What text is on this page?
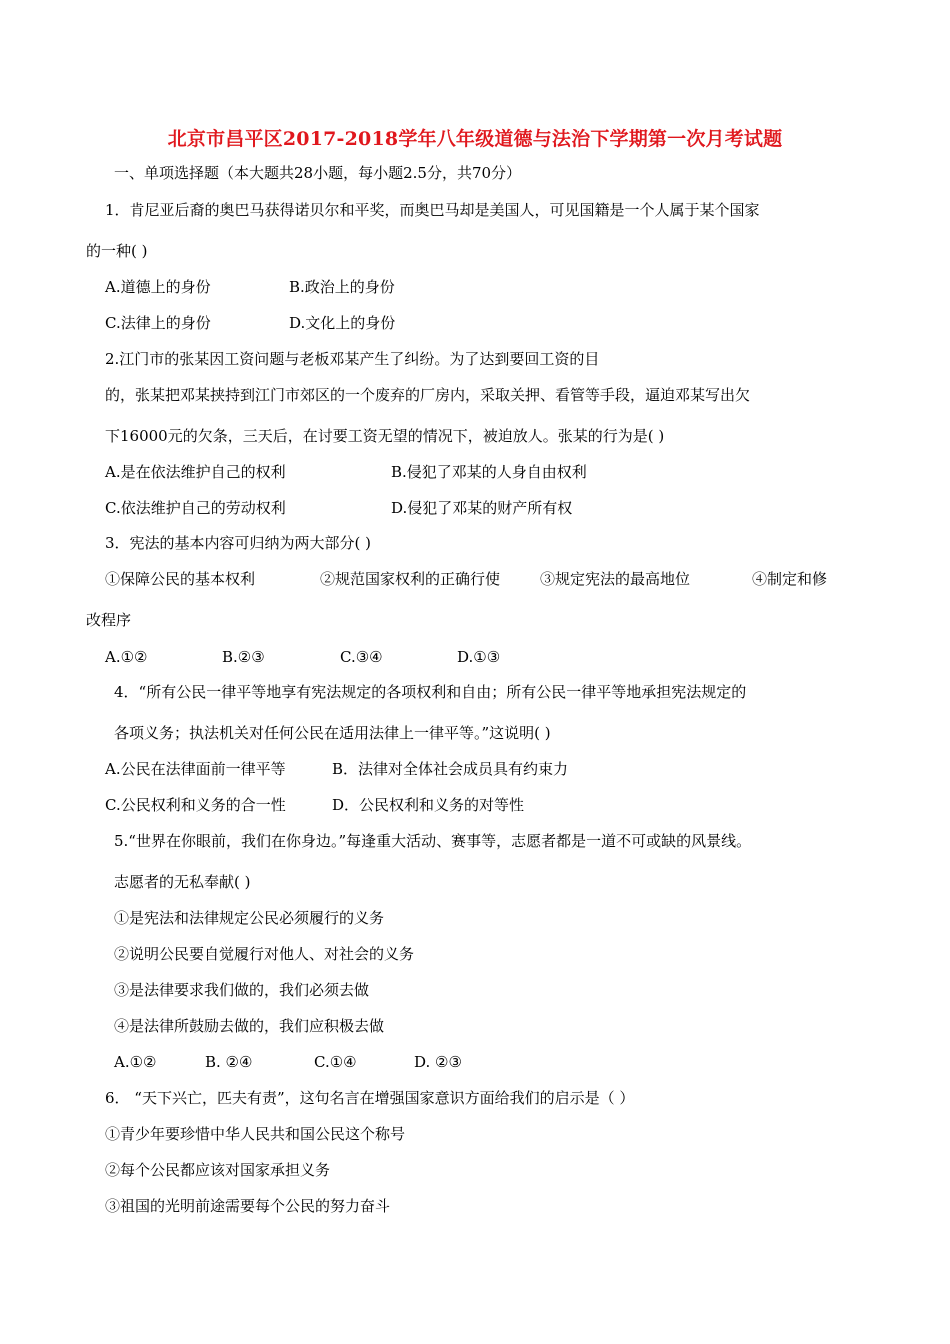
北京市昌平区2017-2018学年八年级道德与法治下学期第一次月考试题
一、单项选择题（本大题共28小题，每小题2.5分，共70分）
1．肯尼亚后裔的奥巴马获得诺贝尔和平奖，而奥巴马却是美国人，可见国籍是一个人属于某个国家
的一种( )
A.道德上的身份	B.政治上的身份
C.法律上的身份	D.文化上的身份
2.江门市的张某因工资问题与老板邓某产生了纠纷。为了达到要回工资的目
的，张某把邓某挟持到江门市郊区的一个废弃的厂房内，采取关押、看管等手段，逼迫邓某写出欠
下16000元的欠条，三天后，在讨要工资无望的情况下，被迫放人。张某的行为是( )
A.是在依法维护自己的权利	B.侵犯了邓某的人身自由权利
C.依法维护自己的劳动权利	D.侵犯了邓某的财产所有权
3．宪法的基本内容可归纳为两大部分( )
①保障公民的基本权利	②规范国家权利的正确行使	③规定宪法的最高地位	④制定和修
改程序
A.①②	B.②③	C.③④	D.①③
4．“所有公民一律平等地享有宪法规定的各项权利和自由；所有公民一律平等地承担宪法规定的
各项义务；执法机关对任何公民在适用法律上一律平等。”这说明( )
A.公民在法律面前一律平等	B．法律对全体社会成员具有约束力
C.公民权利和义务的合一性	D．公民权利和义务的对等性
5.“世界在你眼前，我们在你身边。”每逢重大活动、赛事等，志愿者都是一道不可或缺的风景线。
志愿者的无私奉献( )
①是宪法和法律规定公民必须履行的义务
②说明公民要自觉履行对他人、对社会的义务
③是法律要求我们做的，我们必须去做
④是法律所鼓励去做的，我们应积极去做
A.①②	B. ②④	C.①④	D. ②③
6． “天下兴亡，匹夫有责”，这句名言在增强国家意识方面给我们的启示是（ ）
①青少年要珍惜中华人民共和国公民这个称号
②每个公民都应该对国家承担义务
③祖国的光明前途需要每个公民的努力奋斗
